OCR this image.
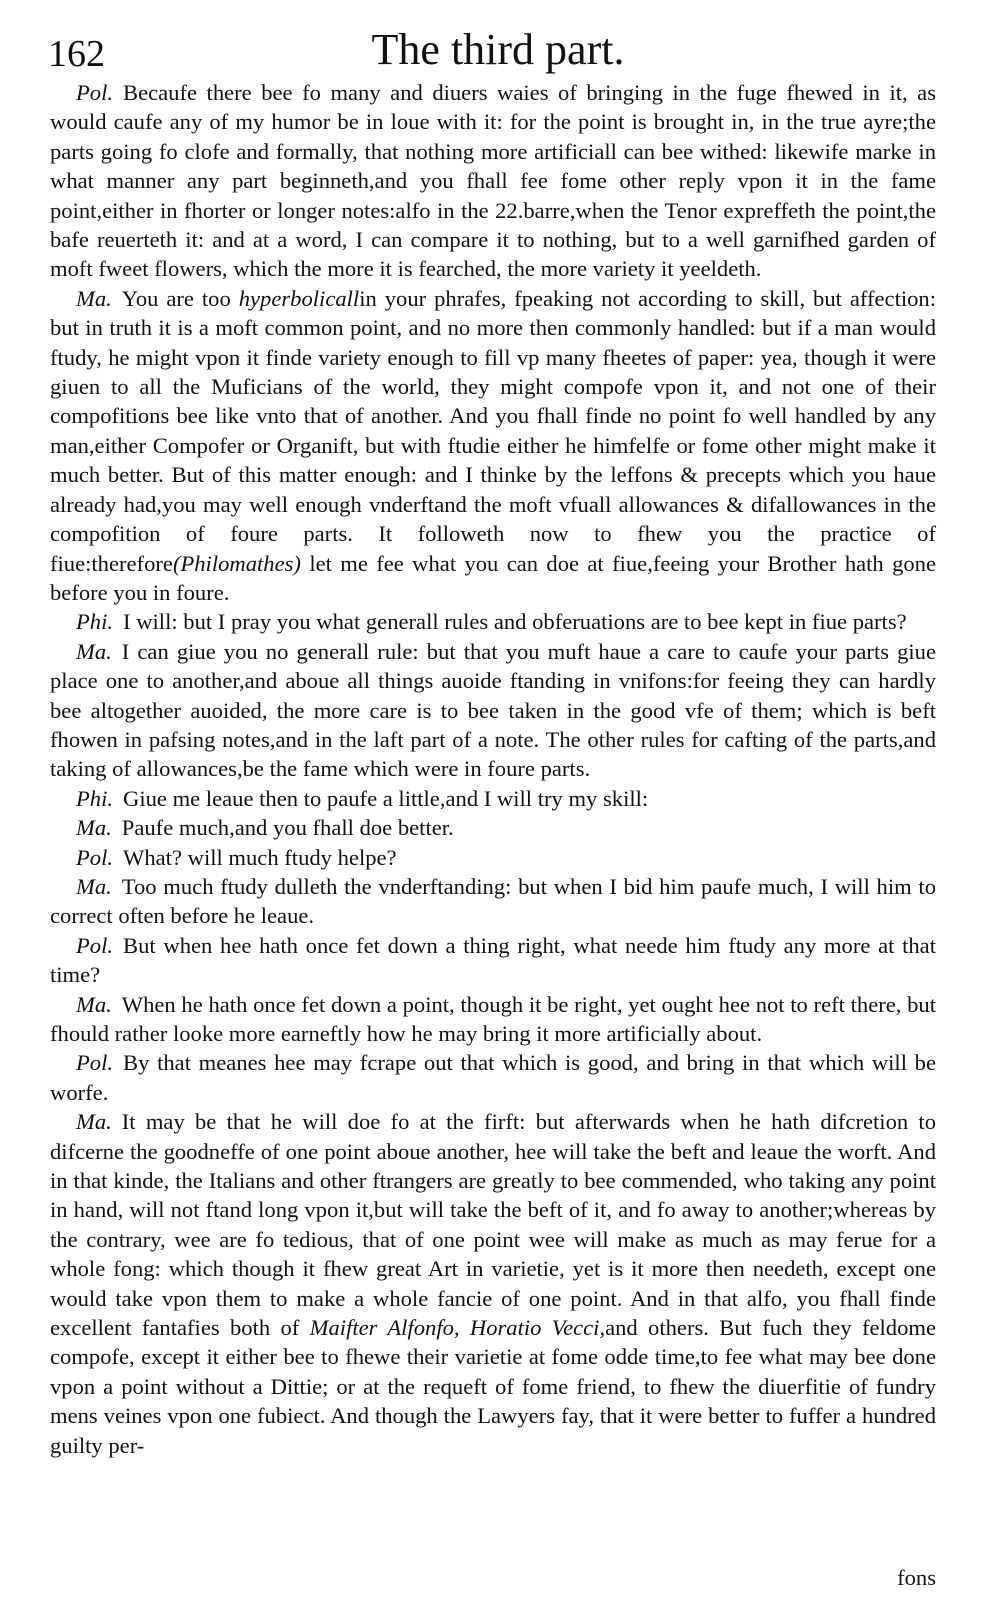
162	The third part.

Pol. Becaufe there bee fo many and diuers waies of bringing in the fuge fhewed in it, as would caufe any of my humor be in loue with it: for the point is brought in, in the true ayre;the parts going fo clofe and formally, that nothing more artificiall can bee withed: likewife marke in what manner any part beginneth,and you fhall fee fome other reply vpon it in the fame point,either in fhorter or longer notes:alfo in the 22.barre,when the Tenor expreffeth the point,the bafe reuerteth it: and at a word, I can compare it to nothing, but to a well garnifhed garden of moft fweet flowers, which the more it is fearched, the more variety it yeeldeth.

Ma. You are too hyperbolicallin your phrafes, fpeaking not according to skill, but affection: but in truth it is a moft common point, and no more then commonly handled: but if a man would ftudy, he might vpon it finde variety enough to fill vp many fheetes of paper: yea, though it were giuen to all the Muficians of the world, they might compofe vpon it, and not one of their compofitions bee like vnto that of another. And you fhall finde no point fo well handled by any man,either Compofer or Organift, but with ftudie either he himfelfe or fome other might make it much better. But of this matter enough: and I thinke by the leffons & precepts which you haue already had,you may well enough vnderftand the moft vfuall allowances & difallowances in the compofition of foure parts. It followeth now to fhew you the practice of fiue:therefore(Philomathes) let me fee what you can doe at fiue,feeing your Brother hath gone before you in foure.

Phi. I will: but I pray you what generall rules and obferuations are to bee kept in fiue parts?

Ma. I can giue you no generall rule: but that you muft haue a care to caufe your parts giue place one to another,and aboue all things auoide ftanding in vnifons:for feeing they can hardly bee altogether auoided, the more care is to bee taken in the good vfe of them; which is beft fhowen in pafsing notes,and in the laft part of a note. The other rules for cafting of the parts,and taking of allowances,be the fame which were in foure parts.

Phi. Giue me leaue then to paufe a little,and I will try my skill:

Ma. Paufe much,and you fhall doe better.

Pol. What? will much ftudy helpe?

Ma. Too much ftudy dulleth the vnderftanding: but when I bid him paufe much, I will him to correct often before he leaue.

Pol. But when hee hath once fet down a thing right, what neede him ftudy any more at that time?

Ma. When he hath once fet down a point, though it be right, yet ought hee not to reft there, but fhould rather looke more earneftly how he may bring it more artificially about.

Pol. By that meanes hee may fcrape out that which is good, and bring in that which will be worfe.

Ma. It may be that he will doe fo at the firft: but afterwards when he hath difcretion to difcerne the goodneffe of one point aboue another, hee will take the beft and leaue the worft. And in that kinde, the Italians and other ftrangers are greatly to bee commended, who taking any point in hand, will not ftand long vpon it,but will take the beft of it, and fo away to another;whereas by the contrary, wee are fo tedious, that of one point wee will make as much as may ferue for a whole fong: which though it fhew great Art in varietie, yet is it more then needeth, except one would take vpon them to make a whole fancie of one point. And in that alfo, you fhall finde excellent fantafies both of Maifter Alfonfo, Horatio Vecci,and others. But fuch they feldome compofe, except it either bee to fhewe their varietie at fome odde time,to fee what may bee done vpon a point without a Dittie; or at the requeft of fome friend, to fhew the diuerfitie of fundry mens veines vpon one fubiect. And though the Lawyers fay, that it were better to fuffer a hundred guilty per-

fons
